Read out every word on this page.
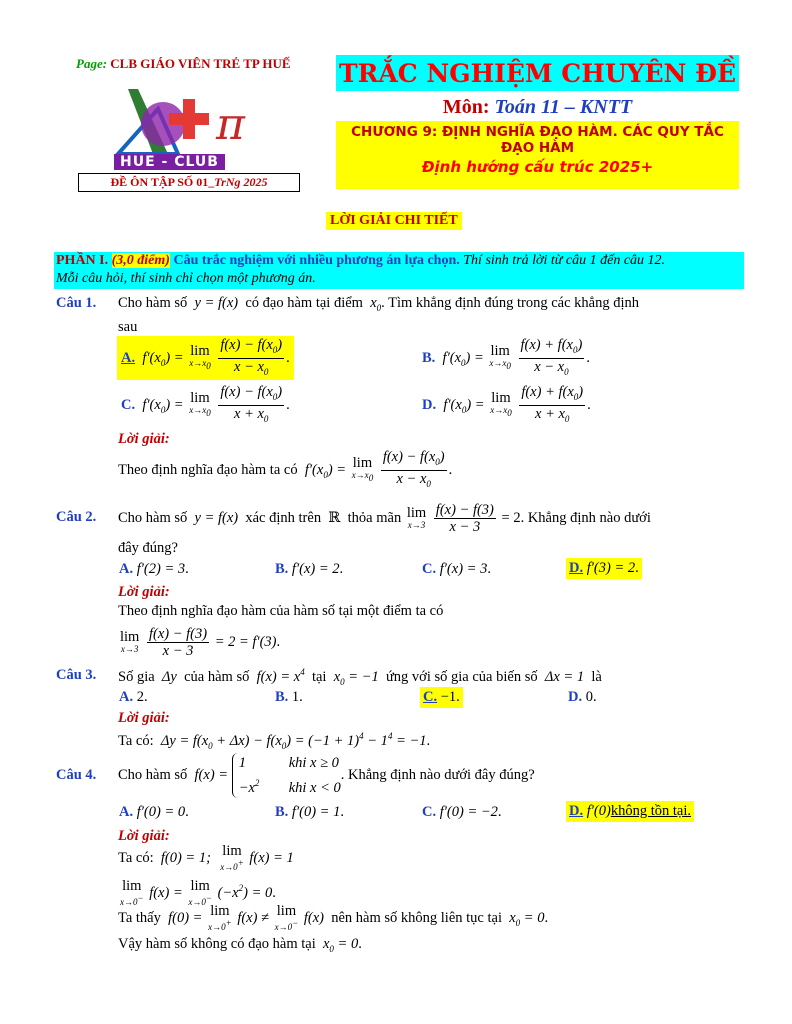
Page: CLB GIÁO VIÊN TRẺ TP HUẾ
π
HUE - CLUB
ĐỀ ÔN TẬP SỐ 01_TrNg 2025
TRẮC NGHIỆM CHUYÊN ĐỀ
Môn: Toán 11 – KNTT
CHƯƠNG 9: ĐỊNH NGHĨA ĐẠO HÀM. CÁC QUY TẮC
ĐẠO HÀM
Định hướng cấu trúc 2025+
LỜI GIẢI CHI TIẾT
PHẦN I. (3,0 điểm) Câu trắc nghiệm với nhiều phương án lựa chọn. Thí sinh trả lời từ câu 1 đến câu 12.
Mỗi câu hỏi, thí sinh chỉ chọn một phương án.
Câu 1. Cho hàm số  y = f(x)  có đạo hàm tại điểm  $x_0$. Tìm khẳng định đúng trong các khẳng định
sau
A.  $f'(x_0) = \lim$
$x\to x_0$
$\frac{f(x) - f(x_0)}{x - x_0}$ .	B.  $f'(x_0) = \lim$
$x\to x_0$
$\frac{f(x) + f(x_0)}{x - x_0}$ .
C.  $f'(x_0) = \lim$
$x\to x_0$
$\frac{f(x) - f(x_0)}{x + x_0}$ .	D.  $f'(x_0) = \lim$
$x\to x_0$
$\frac{f(x) + f(x_0)}{x + x_0}$ .
Lời giải:
Theo định nghĩa đạo hàm ta có  $f'(x_0) = \lim$
$x\to x_0$
$\frac{f(x) - f(x_0)}{x - x_0}$ .
Câu 2. Cho hàm số  y = f(x)  xác định trên  ℝ  thỏa mãn lim
x→3
$\frac{f(x) - f(3)}{x - 3} = 2$. Khẳng định nào dưới
đây đúng?
A. f′(2) = 3.	B. f′(x) = 2.	C. f′(x) = 3.	D. f′(3) = 2.
Lời giải:
Theo định nghĩa đạo hàm của hàm số tại một điểm ta có
lim
x→3
$\frac{f(x) - f(3)}{x - 3} = 2 = f'(3)$.
Câu 3. Số gia  Δy  của hàm số  $f(x) = x^4$ tại  $x_0 = -1$  ứng với số gia của biến số  Δx = 1  là
A. 2.	B. 1.	C. −1.	D. 0.
Lời giải:
Ta có:  $\Delta y = f(x_0 + \Delta x) - f(x_0) = (-1 + 1)^4 - 1^4 = -1$.
Câu 4. Cho hàm số  f(x) = 1	khi x ≥ 0
$-x^2$ khi x < 0. Khẳng định nào dưới đây đúng?
A. f′(0) = 0.	B. f′(0) = 1.	C. f′(0) = −2.	D. f′(0)không tồn tại.
Lời giải:
Ta có:  f(0) = 1;  lim
x→0+ f(x) = 1
lim
x→0− f(x) = lim
x→0− $(-x^2) = 0$.
Ta thấy  f(0) = lim
x→0+ f(x) ≠ lim
x→0− f(x)  nên hàm số không liên tục tại  $x_0 = 0$.
Vậy hàm số không có đạo hàm tại  $x_0 = 0$.
